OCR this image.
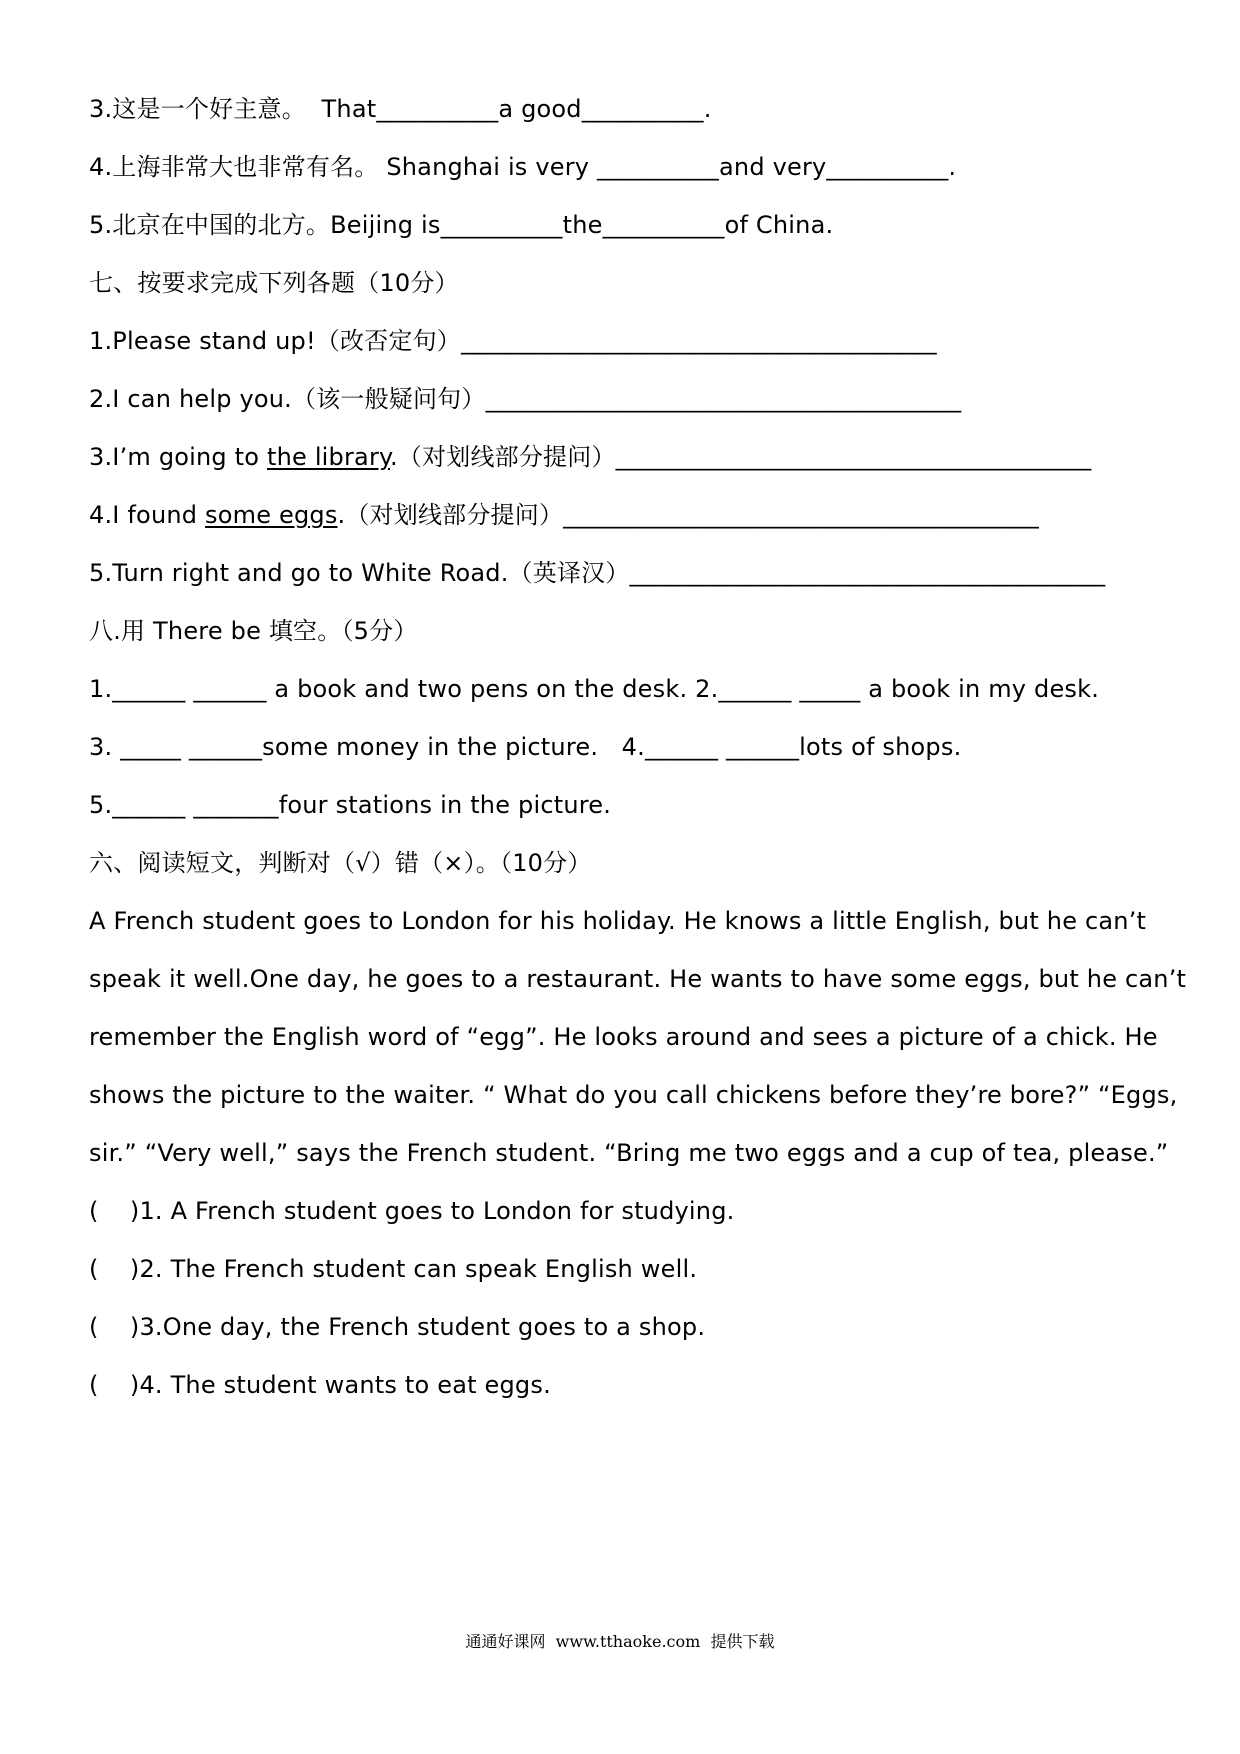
3.这是一个好主意。  That__________a good__________.
4.上海非常大也非常有名。 Shanghai is very __________and very__________.
5.北京在中国的北方。Beijing is__________the__________of China.
七、按要求完成下列各题（10分）
1.Please stand up!（改否定句）_______________________________________
2.I can help you.（该一般疑问句）_______________________________________
3.I’m going to the library.（对划线部分提问）_______________________________________
4.I found some eggs.（对划线部分提问）_______________________________________
5.Turn right and go to White Road.（英译汉）_______________________________________
八.用 There be 填空。（5分）
1.______ ______ a book and two pens on the desk. 2.______ _____ a book in my desk.
3. _____ ______some money in the picture.   4.______ ______lots of shops.
5.______ _______four stations in the picture.
六、阅读短文，判断对（√）错（×）。（10分）
A French student goes to London for his holiday. He knows a little English, but he can’t
speak it well.One day, he goes to a restaurant. He wants to have some eggs, but he can’t
remember the English word of “egg”. He looks around and sees a picture of a chick. He
shows the picture to the waiter. “ What do you call chickens before they’re bore?” “Eggs,
sir.” “Very well,” says the French student. “Bring me two eggs and a cup of tea, please.”
(    )1. A French student goes to London for studying.
(    )2. The French student can speak English well.
(    )3.One day, the French student goes to a shop.
(    )4. The student wants to eat eggs.
通通好课网  www.tthaoke.com  提供下载
